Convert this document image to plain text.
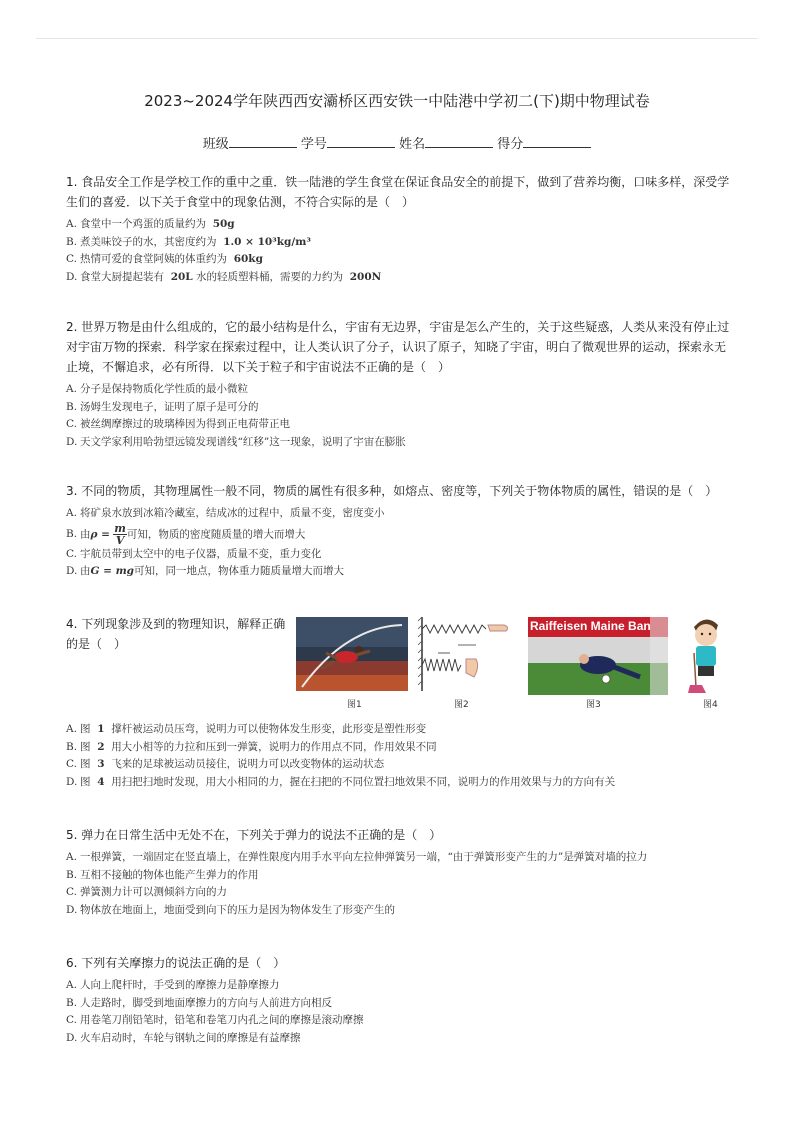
2023~2024学年陕西西安灞桥区西安铁一中陆港中学初二(下)期中物理试卷
班级	学号	姓名	得分
1. 食品安全工作是学校工作的重中之重．铁一陆港的学生食堂在保证食品安全的前提下，做到了营养均衡，口味多样，深受学生们的喜爱．以下关于食堂中的现象估测，不符合实际的是（　）
A. 食堂中一个鸡蛋的质量约为 50g
B. 煮美味饺子的水，其密度约为 1.0 × 10³kg/m³
C. 热情可爱的食堂阿姨的体重约为 60kg
D. 食堂大厨提起装有 20L 水的轻质塑料桶，需要的力约为 200N
2. 世界万物是由什么组成的，它的最小结构是什么，宇宙有无边界，宇宙是怎么产生的，关于这些疑惑，人类从来没有停止过对宇宙万物的探索．科学家在探索过程中，让人类认识了分子，认识了原子，知晓了宇宙，明白了微观世界的运动，探索永无止境，不懈追求，必有所得．以下关于粒子和宇宙说法不正确的是（　）
A. 分子是保持物质化学性质的最小微粒
B. 汤姆生发现电子，证明了原子是可分的
C. 被丝绸摩擦过的玻璃棒因为得到正电荷带正电
D. 天文学家利用哈勃望远镜发现谱线“红移”这一现象，说明了宇宙在膨胀
3. 不同的物质，其物理属性一般不同，物质的属性有很多种，如熔点、密度等，下列关于物体物质的属性，错误的是（　）
A. 将矿泉水放到冰箱冷藏室，结成冰的过程中，质量不变，密度变小
B. 由$\rho = \frac{m}{V}$ 可知，物质的密度随质量的增大而增大
C. 宇航员带到太空中的电子仪器，质量不变，重力变化
D. 由G = mg可知，同一地点，物体重力随质量增大而增大
4. 下列现象涉及到的物理知识，解释正确的是（　）
图1	图2
Raiffeisen Maine Ban
图3	图4
A. 图 1 撑杆被运动员压弯，说明力可以使物体发生形变，此形变是塑性形变
B. 图 2 用大小相等的力拉和压到一弹簧，说明力的作用点不同，作用效果不同
C. 图 3 飞来的足球被运动员接住，说明力可以改变物体的运动状态
D. 图 4 用扫把扫地时发现，用大小相同的力，握在扫把的不同位置扫地效果不同，说明力的作用效果与力的方向有关
5. 弹力在日常生活中无处不在，下列关于弹力的说法不正确的是（　）
A. 一根弹簧，一端固定在竖直墙上，在弹性限度内用手水平向左拉伸弹簧另一端，“由于弹簧形变产生的力”是弹簧对墙的拉力
B. 互相不接触的物体也能产生弹力的作用
C. 弹簧测力计可以测倾斜方向的力
D. 物体放在地面上，地面受到向下的压力是因为物体发生了形变产生的
6. 下列有关摩擦力的说法正确的是（　）
A. 人向上爬杆时，手受到的摩擦力是静摩擦力
B. 人走路时，脚受到地面摩擦力的方向与人前进方向相反
C. 用卷笔刀削铅笔时，铅笔和卷笔刀内孔之间的摩擦是滚动摩擦
D. 火车启动时，车轮与钢轨之间的摩擦是有益摩擦
